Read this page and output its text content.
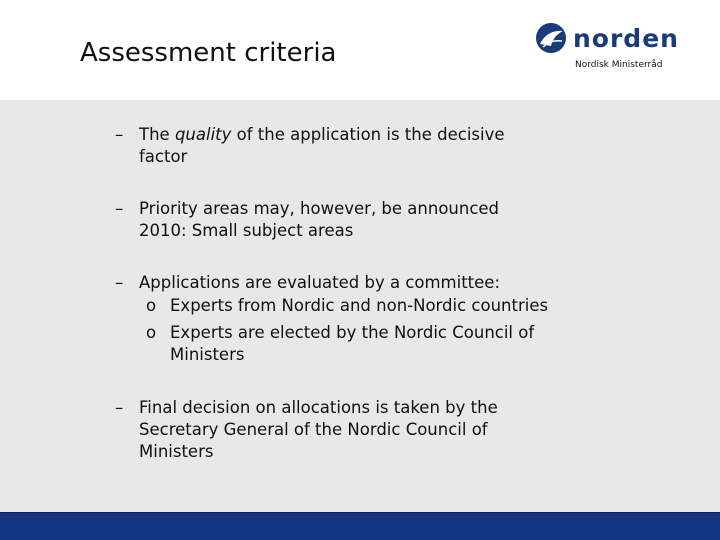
Assessment criteria	norden
Nordisk Ministerråd
– The quality of the application is the decisive
factor
– Priority areas may, however, be announced
2010: Small subject areas
– Applications are evaluated by a committee:
o Experts from Nordic and non-Nordic countries
o Experts are elected by the Nordic Council of
Ministers
– Final decision on allocations is taken by the
Secretary General of the Nordic Council of
Ministers
